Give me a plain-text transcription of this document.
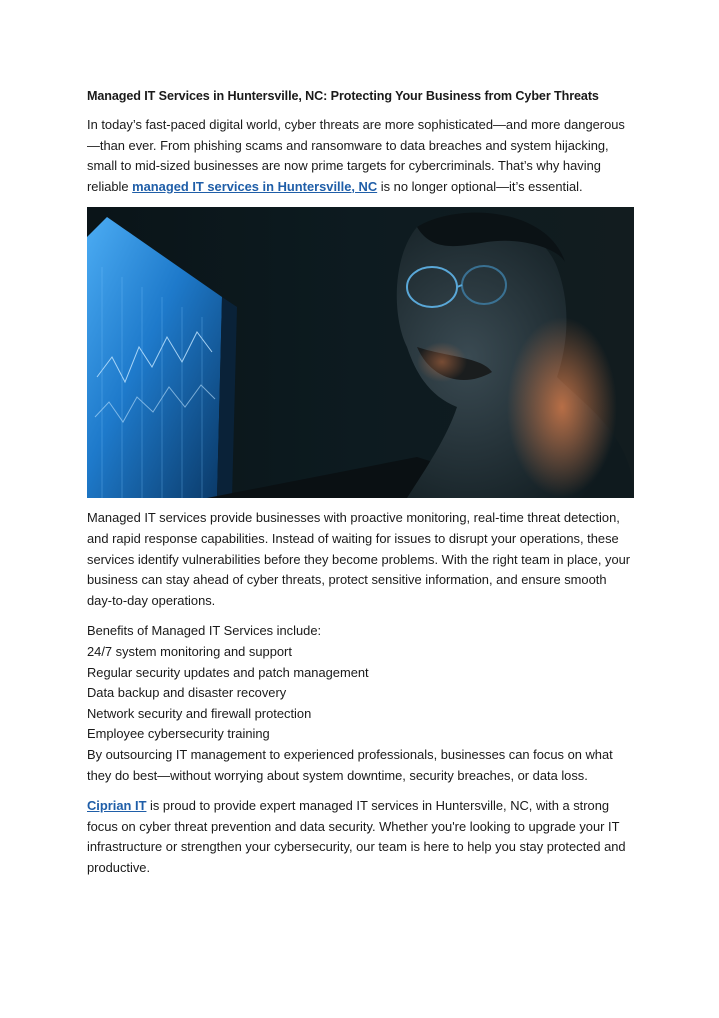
Managed IT Services in Huntersville, NC: Protecting Your Business from Cyber Threats

In today’s fast-paced digital world, cyber threats are more sophisticated—and more dangerous—than ever. From phishing scams and ransomware to data breaches and system hijacking, small to mid-sized businesses are now prime targets for cybercriminals. That’s why having reliable managed IT services in Huntersville, NC is no longer optional—it’s essential.

Managed IT services provide businesses with proactive monitoring, real-time threat detection, and rapid response capabilities. Instead of waiting for issues to disrupt your operations, these services identify vulnerabilities before they become problems. With the right team in place, your business can stay ahead of cyber threats, protect sensitive information, and ensure smooth day-to-day operations.

Benefits of Managed IT Services include:

24/7 system monitoring and support
Regular security updates and patch management
Data backup and disaster recovery
Network security and firewall protection
Employee cybersecurity training

By outsourcing IT management to experienced professionals, businesses can focus on what they do best—without worrying about system downtime, security breaches, or data loss.

Ciprian IT is proud to provide expert managed IT services in Huntersville, NC, with a strong focus on cyber threat prevention and data security. Whether you're looking to upgrade your IT infrastructure or strengthen your cybersecurity, our team is here to help you stay protected and productive.
